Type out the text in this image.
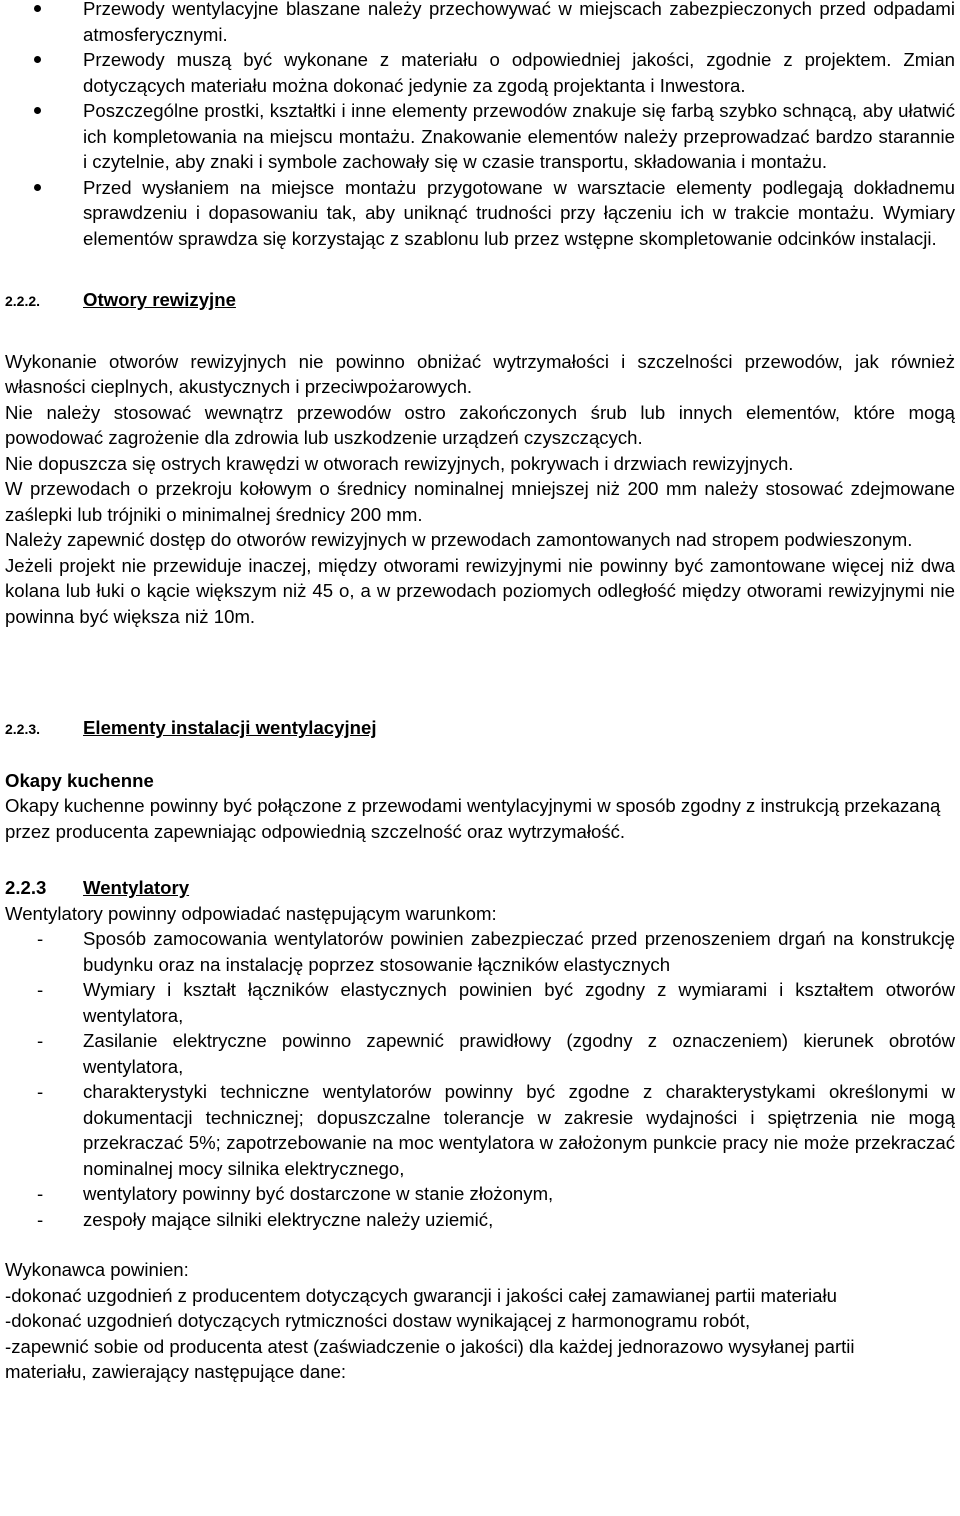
Przewody wentylacyjne blaszane należy przechowywać w miejscach zabezpieczonych przed odpadami atmosferycznymi.
Przewody muszą być wykonane z materiału o odpowiedniej jakości, zgodnie z projektem. Zmian dotyczących materiału można dokonać jedynie za zgodą projektanta i Inwestora.
Poszczególne prostki, kształtki i inne elementy przewodów znakuje się farbą szybko schnącą, aby ułatwić ich kompletowania na miejscu montażu. Znakowanie elementów należy przeprowadzać bardzo starannie i czytelnie, aby znaki i symbole zachowały się w czasie transportu, składowania i montażu.
Przed wysłaniem na miejsce montażu przygotowane w warsztacie elementy podlegają dokładnemu sprawdzeniu i dopasowaniu tak, aby uniknąć trudności przy łączeniu ich w trakcie montażu. Wymiary elementów sprawdza się korzystając z szablonu lub przez wstępne skompletowanie odcinków instalacji.
2.2.2.	Otwory rewizyjne

Wykonanie otworów rewizyjnych nie powinno obniżać wytrzymałości i szczelności przewodów, jak również własności cieplnych, akustycznych i przeciwpożarowych.

Nie należy stosować wewnątrz przewodów ostro zakończonych śrub lub innych elementów, które mogą powodować zagrożenie dla zdrowia lub uszkodzenie urządzeń czyszczących.

Nie dopuszcza się ostrych krawędzi w otworach rewizyjnych, pokrywach i drzwiach rewizyjnych.

W przewodach o przekroju kołowym o średnicy nominalnej mniejszej niż 200 mm należy stosować zdejmowane zaślepki lub trójniki o minimalnej średnicy 200 mm.

Należy zapewnić dostęp do otworów rewizyjnych w przewodach zamontowanych nad stropem podwieszonym.

Jeżeli projekt nie przewiduje inaczej, między otworami rewizyjnymi nie powinny być zamontowane więcej niż dwa kolana lub łuki o kącie większym niż 45 o, a w przewodach poziomych odległość między otworami rewizyjnymi nie powinna być większa niż 10m.

2.2.3.	Elementy instalacji wentylacyjnej

Okapy kuchenne

Okapy kuchenne powinny być połączone z przewodami wentylacyjnymi w sposób zgodny z instrukcją przekazaną przez producenta zapewniając odpowiednią szczelność oraz wytrzymałość.

2.2.3	Wentylatory

Wentylatory powinny odpowiadać następującym warunkom:

- Sposób zamocowania wentylatorów powinien zabezpieczać przed przenoszeniem drgań na konstrukcję budynku oraz na instalację poprzez stosowanie łączników elastycznych
- Wymiary i kształt łączników elastycznych powinien być zgodny z wymiarami i kształtem otworów wentylatora,
- Zasilanie elektryczne powinno zapewnić prawidłowy (zgodny z oznaczeniem) kierunek obrotów wentylatora,
- charakterystyki techniczne wentylatorów powinny być zgodne z charakterystykami określonymi w dokumentacji technicznej; dopuszczalne tolerancje w zakresie wydajności i spiętrzenia nie mogą przekraczać 5%; zapotrzebowanie na moc wentylatora w założonym punkcie pracy nie może przekraczać nominalnej mocy silnika elektrycznego,
- wentylatory powinny być dostarczone w stanie złożonym,
- zespoły mające silniki elektryczne należy uziemić,

Wykonawca powinien:

-dokonać uzgodnień z producentem dotyczących gwarancji i jakości całej zamawianej partii materiału

-dokonać uzgodnień dotyczących rytmiczności dostaw wynikającej z harmonogramu robót,

-zapewnić sobie od producenta atest (zaświadczenie o jakości) dla każdej jednorazowo wysyłanej partii materiału, zawierający następujące dane:
